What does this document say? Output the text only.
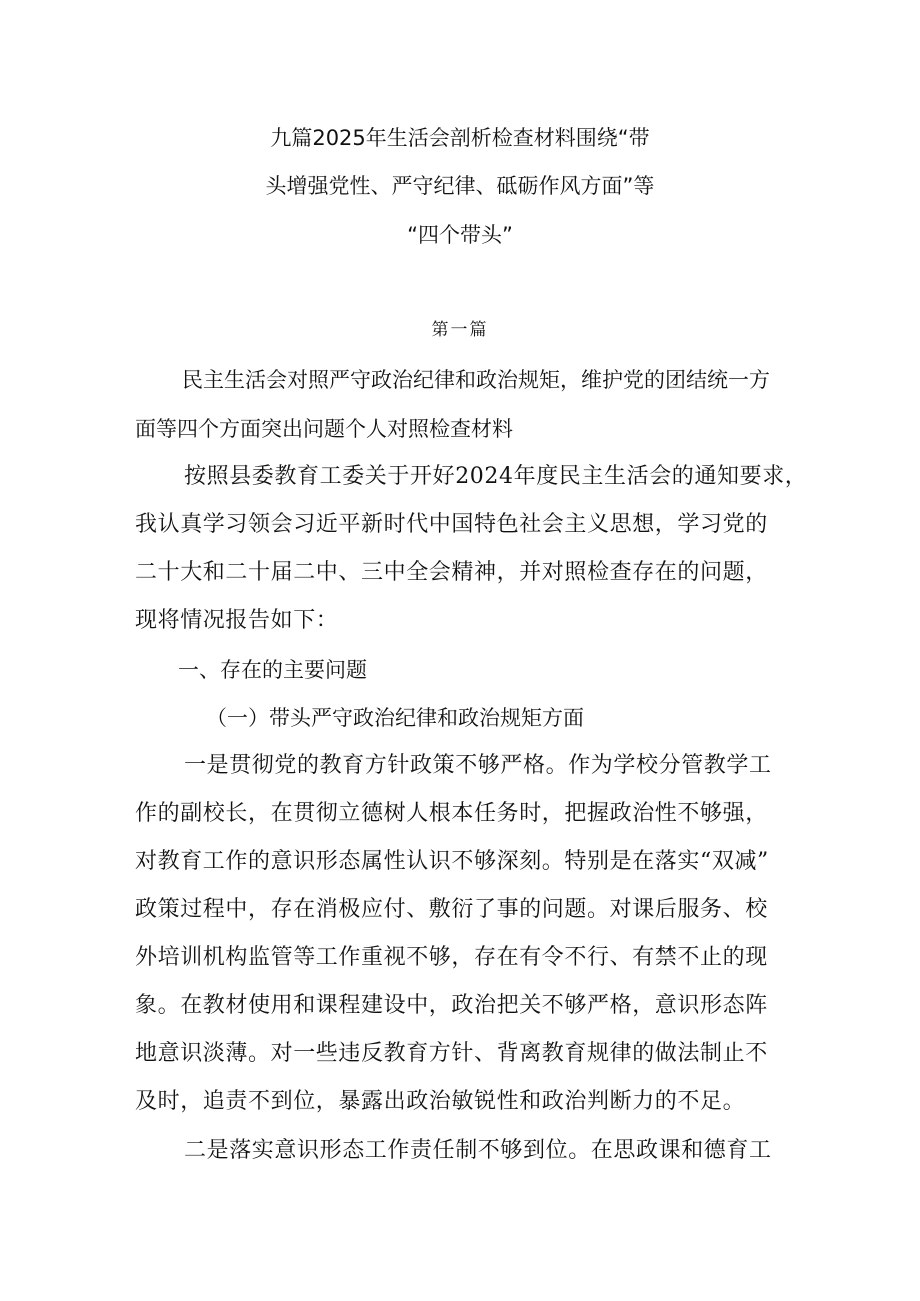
九篇2025年生活会剖析检查材料围绕“带
头增强党性、严守纪律、砥砺作风方面”等
“四个带头”
第一篇
民主生活会对照严守政治纪律和政治规矩，维护党的团结统一方
面等四个方面突出问题个人对照检查材料
按照县委教育工委关于开好2024年度民主生活会的通知要求，
我认真学习领会习近平新时代中国特色社会主义思想，学习党的
二十大和二十届二中、三中全会精神，并对照检查存在的问题，
现将情况报告如下：
一、存在的主要问题
（一）带头严守政治纪律和政治规矩方面
一是贯彻党的教育方针政策不够严格。作为学校分管教学工
作的副校长，在贯彻立德树人根本任务时，把握政治性不够强，
对教育工作的意识形态属性认识不够深刻。特别是在落实“双减”
政策过程中，存在消极应付、敷衍了事的问题。对课后服务、校
外培训机构监管等工作重视不够，存在有令不行、有禁不止的现
象。在教材使用和课程建设中，政治把关不够严格，意识形态阵
地意识淡薄。对一些违反教育方针、背离教育规律的做法制止不
及时，追责不到位，暴露出政治敏锐性和政治判断力的不足。
二是落实意识形态工作责任制不够到位。在思政课和德育工
